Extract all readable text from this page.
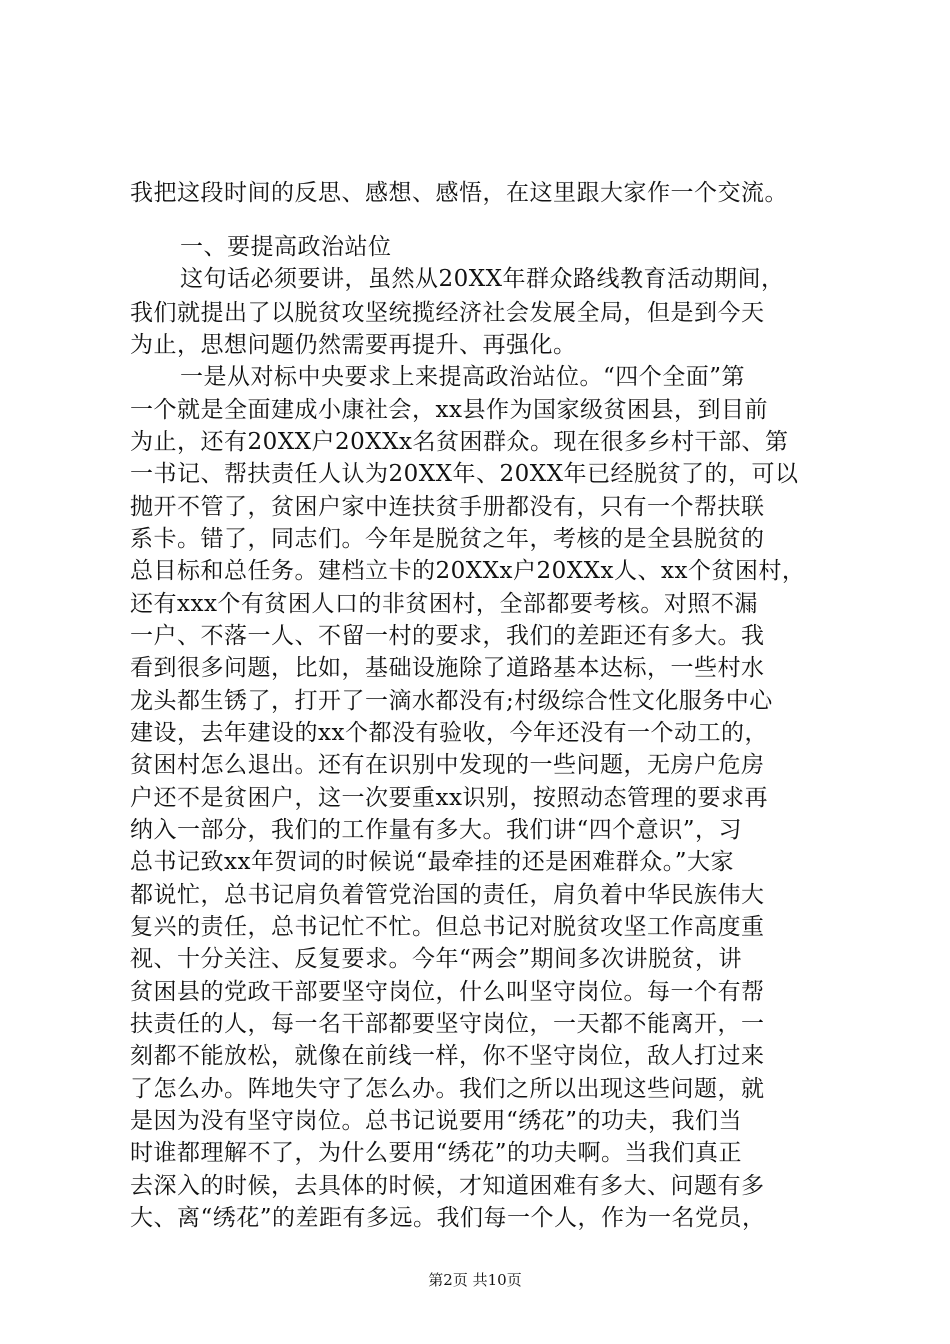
我把这段时间的反思、感想、感悟，在这里跟大家作一个交流。
一、要提高政治站位
这句话必须要讲，虽然从20XX年群众路线教育活动期间，
我们就提出了以脱贫攻坚统揽经济社会发展全局，但是到今天
为止，思想问题仍然需要再提升、再强化。
一是从对标中央要求上来提高政治站位。“四个全面”第
一个就是全面建成小康社会，xx县作为国家级贫困县，到目前
为止，还有20XX户20XXx名贫困群众。现在很多乡村干部、第
一书记、帮扶责任人认为20XX年、20XX年已经脱贫了的，可以
抛开不管了，贫困户家中连扶贫手册都没有，只有一个帮扶联
系卡。错了，同志们。今年是脱贫之年，考核的是全县脱贫的
总目标和总任务。建档立卡的20XXx户20XXx人、xx个贫困村，
还有xxx个有贫困人口的非贫困村，全部都要考核。对照不漏
一户、不落一人、不留一村的要求，我们的差距还有多大。我
看到很多问题，比如，基础设施除了道路基本达标，一些村水
龙头都生锈了，打开了一滴水都没有;村级综合性文化服务中心
建设，去年建设的xx个都没有验收，今年还没有一个动工的，
贫困村怎么退出。还有在识别中发现的一些问题，无房户危房
户还不是贫困户，这一次要重xx识别，按照动态管理的要求再
纳入一部分，我们的工作量有多大。我们讲“四个意识”，习
总书记致xx年贺词的时候说“最牵挂的还是困难群众。”大家
都说忙，总书记肩负着管党治国的责任，肩负着中华民族伟大
复兴的责任，总书记忙不忙。但总书记对脱贫攻坚工作高度重
视、十分关注、反复要求。今年“两会”期间多次讲脱贫，讲
贫困县的党政干部要坚守岗位，什么叫坚守岗位。每一个有帮
扶责任的人，每一名干部都要坚守岗位，一天都不能离开，一
刻都不能放松，就像在前线一样，你不坚守岗位，敌人打过来
了怎么办。阵地失守了怎么办。我们之所以出现这些问题，就
是因为没有坚守岗位。总书记说要用“绣花”的功夫，我们当
时谁都理解不了，为什么要用“绣花”的功夫啊。当我们真正
去深入的时候，去具体的时候，才知道困难有多大、问题有多
大、离“绣花”的差距有多远。我们每一个人，作为一名党员，
第2页 共10页
